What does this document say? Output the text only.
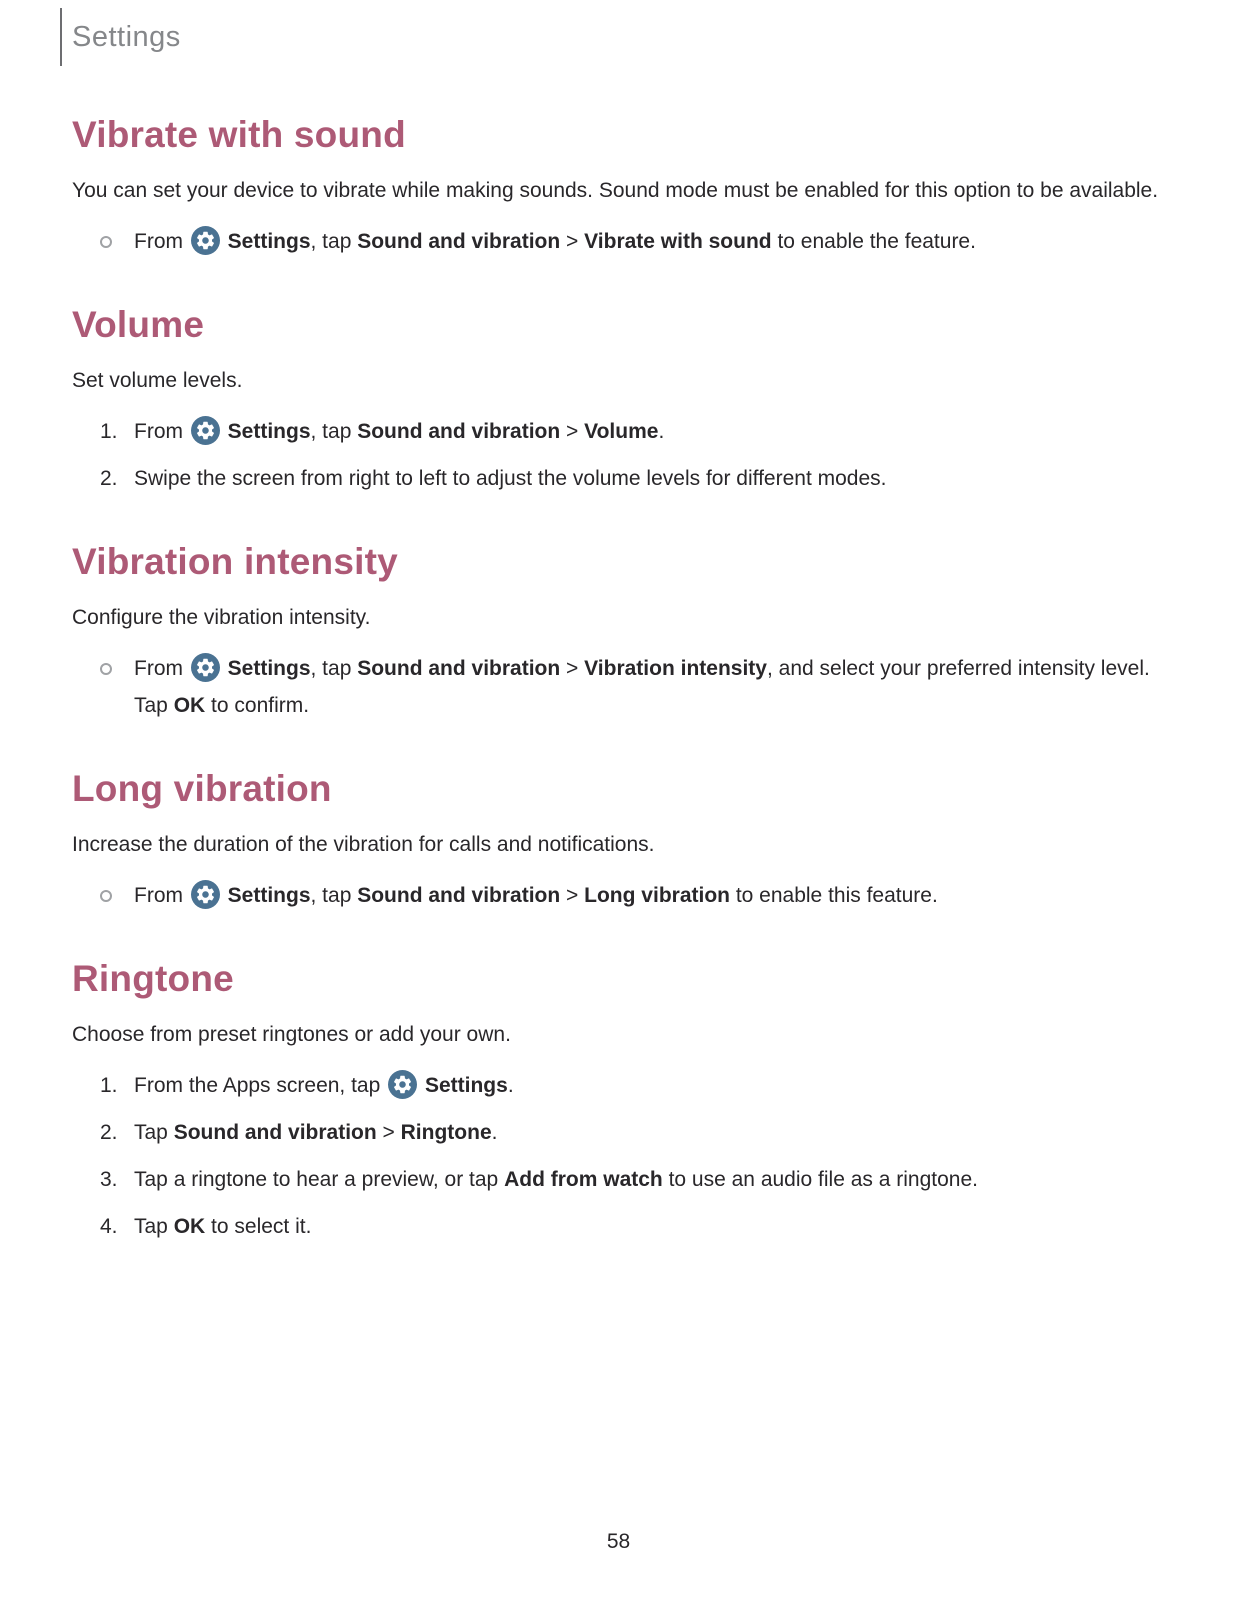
Settings
Vibrate with sound

You can set your device to vibrate while making sounds. Sound mode must be enabled for this option to be available.

From
Settings, tap Sound and vibration > Vibrate with sound to enable the feature.
Volume

Set volume levels.

1. From
Settings, tap Sound and vibration > Volume.
2. Swipe the screen from right to left to adjust the volume levels for different modes.
Vibration intensity

Configure the vibration intensity.

From
Settings, tap Sound and vibration > Vibration intensity, and select your preferred intensity level. Tap OK to confirm.
Long vibration

Increase the duration of the vibration for calls and notifications.

From
Settings, tap Sound and vibration > Long vibration to enable this feature.
Ringtone

Choose from preset ringtones or add your own.

1. From the Apps screen, tap
Settings.
2. Tap Sound and vibration > Ringtone.
3. Tap a ringtone to hear a preview, or tap Add from watch to use an audio file as a ringtone.
4. Tap OK to select it.
58
